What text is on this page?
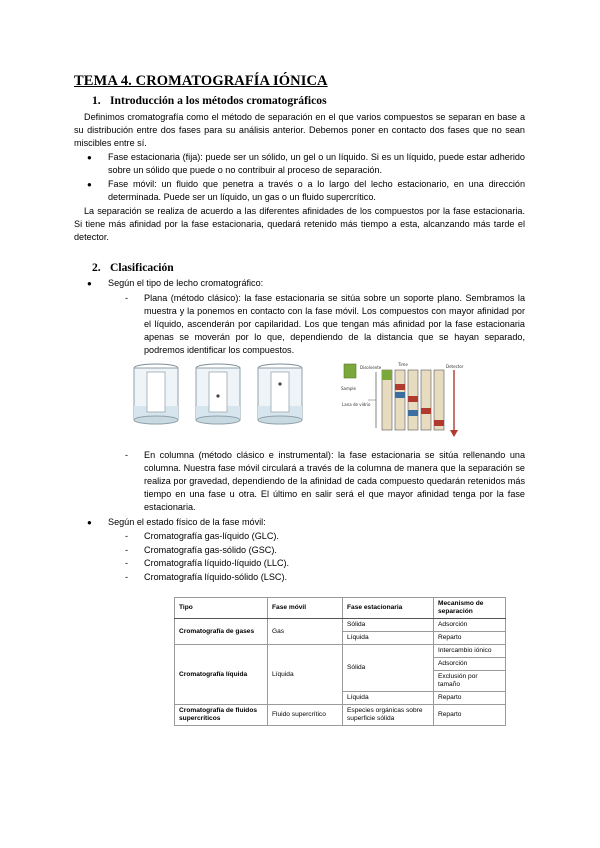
TEMA 4. CROMATOGRAFÍA IÓNICA
1. Introducción a los métodos cromatográficos
Definimos cromatografía como el método de separación en el que varios compuestos se separan en base a su distribución entre dos fases para su análisis anterior. Debemos poner en contacto dos fases que no sean miscibles entre sí.
● Fase estacionaria (fija): puede ser un sólido, un gel o un líquido. Si es un líquido, puede estar adherido sobre un sólido que puede o no contribuir al proceso de separación.
● Fase móvil: un fluido que penetra a través o a lo largo del lecho estacionario, en una dirección determinada. Puede ser un líquido, un gas o un fluido supercrítico.
La separación se realiza de acuerdo a las diferentes afinidades de los compuestos por la fase estacionaria. Si tiene más afinidad por la fase estacionaria, quedará retenido más tiempo a esta, alcanzando más tarde el detector.
2. Clasificación
● Según el tipo de lecho cromatográfico:
- Plana (método clásico): la fase estacionaria se sitúa sobre un soporte plano. Sembramos la muestra y la ponemos en contacto con la fase móvil. Los compuestos con mayor afinidad por el líquido, ascenderán por capilaridad. Los que tengan más afinidad por la fase estacionaria apenas se moverán por lo que, dependiendo de la distancia que se hayan separado, podremos identificar los compuestos.
Disolvente
Sample
Lana de vidrio
Time	Detector
- En columna (método clásico e instrumental): la fase estacionaria se sitúa rellenando una columna. Nuestra fase móvil circulará a través de la columna de manera que la separación se realiza por gravedad, dependiendo de la afinidad de cada compuesto quedarán retenidos más tiempo en una fase u otra. El último en salir será el que mayor afinidad tenga por la fase estacionaria.
● Según el estado físico de la fase móvil:
- Cromatografía gas-líquido (GLC).
- Cromatografía gas-sólido (GSC).
- Cromatografía líquido-líquido (LLC).
- Cromatografía líquido-sólido (LSC).
Tipo	Fase móvil	Fase estacionaria	Mecanismo de separación
Cromatografía de gases	Gas	Sólida	Adsorción
		Líquida	Reparto
Cromatografía líquida	Líquida	Sólida	Intercambio iónico
			Adsorción
			Exclusión por tamaño
		Líquida	Reparto
Cromatografía de fluidos supercríticos	Fluido supercrítico	Especies orgánicas sobre superficie sólida	Reparto
